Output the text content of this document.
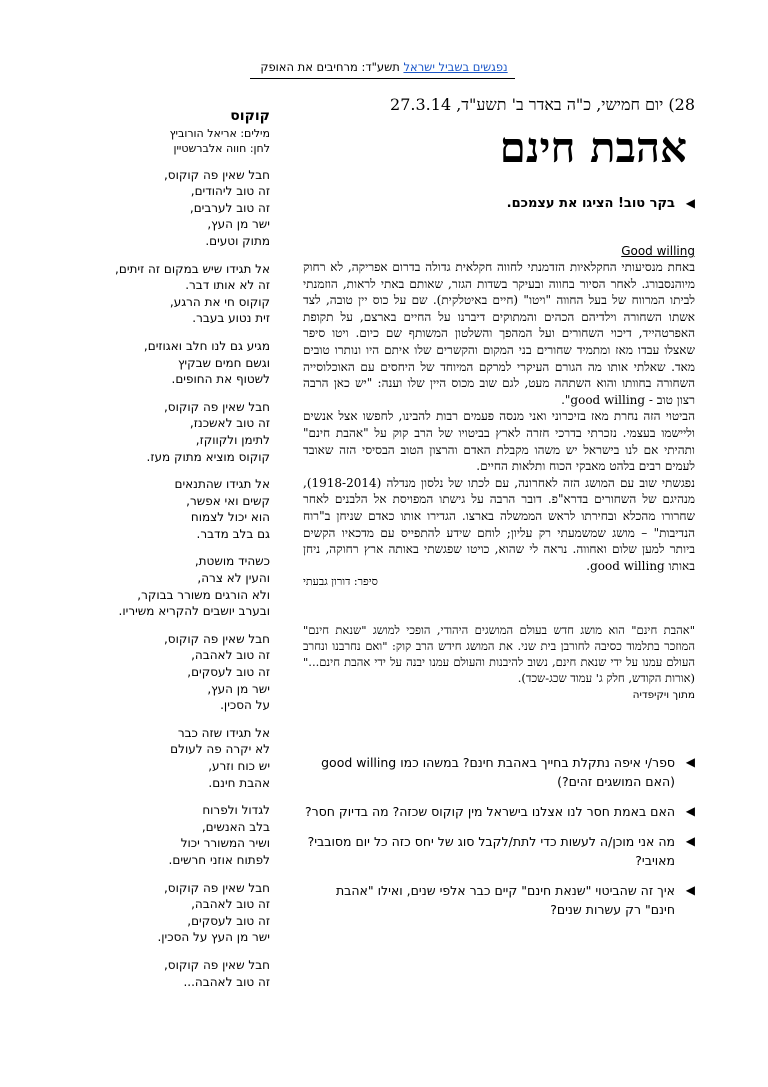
נפגשים בשביל ישראל תשע"ד: מרחיבים את האופק
28) יום חמישי, כ"ה באדר ב' תשע"ד, 27.3.14
אהבת חינם
◀
בקר טוב! הציגו את עצמכם.
Good willing

באחת מנסיעותי החקלאיות הזדמנתי לחווה חקלאית גדולה בדרום אפריקה, לא רחוק מיוהנסבורג. לאחר הסיור בחווה ובעיקר בשדות הגזר, שאותם באתי לראות, הוזמנתי לביתו המרווח של בעל החווה "ויטו" (חיים באיטלקית). שם על כוס יין טובה, לצד אשתו השחורה וילדיהם הכהים והמתוקים דיברנו על החיים בארצם, על תקופת האפרטהייד, דיכוי השחורים ועל המהפך והשלטון המשותף שם כיום. ויטו סיפר שאצלו עבדו מאז ומתמיד שחורים בני המקום והקשרים שלו איתם היו ונותרו טובים מאד. שאלתי אותו מה הגורם העיקרי למרקם המיוחד של היחסים עם האוכלוסייה השחורה בחוותו והוא השתהה מעט, לגם שוב מכוס היין שלו וענה: "יש כאן הרבה רצון טוב - good willing".

הביטוי הזה נחרת מאז בזיכרוני ואני מנסה פעמים רבות להבינו, לחפשו אצל אנשים וליישמו בעצמי. נזכרתי בדרכי חזרה לארץ בביטויו של הרב קוק על "אהבת חינם" ותהיתי אם לנו בישראל יש משהו מקבלת האדם והרצון הטוב הבסיסי הזה שאובד לעמים רבים בלהט מאבקי הכוח ותלאות החיים.

נפגשתי שוב עם המושג הזה לאחרונה, עם לכתו של נלסון מנדלה (1918-2014), מנהיגם של השחורים בדרא"פ. דובר הרבה על גישתו המפויסת אל הלבנים לאחר שחרורו מהכלא ובחירתו לראש הממשלה בארצו. הגדירו אותו כאדם שניחן ב"רוח הנדיבות" – מושג שמשמעתי רק עליון; לוחם שידע להתפייס עם מדכאיו הקשים ביותר למען שלום ואחווה. נראה לי שהוא, כויטו שפגשתי באותה ארץ רחוקה, ניחן באותו good willing.

סיפר: דורון גבעתי
"אהבת חינם" הוא מושג חדש בעולם המושגים היהודי, הופכי למושג "שנאת חינם" המוזכר בתלמוד כסיבה לחורבן בית שני. את המושג חידש הרב קוק: "ואם נחרבנו ונחרב העולם עמנו על ידי שנאת חינם, נשוב להיבנות והעולם עמנו יבנה על ידי אהבת חינם..." (אורות הקודש, חלק ג' עמוד שכג-שכד).
מתוך ויקיפדיה
◀
ספר/י איפה נתקלת בחייך באהבת חינם? במשהו כמו good willing (האם המושגים זהים?)
◀
האם באמת חסר לנו אצלנו בישראל מין קוקוס שכזה? מה בדיוק חסר?
◀
מה אני מוכן/ה לעשות כדי לתת/לקבל סוג של יחס כזה כל יום מסובבי? מאויבי?
◀
איך זה שהביטוי "שנאת חינם" קיים כבר אלפי שנים, ואילו "אהבת חינם" רק עשרות שנים?
קוקוס
מילים: אריאל הורוביץ
לחן: חווה אלברשטיין
חבל שאין פה קוקוס,
זה טוב ליהודים,
זה טוב לערבים,
ישר מן העץ,
מתוק וטעים.
אל תגידו שיש במקום זה זיתים,
זה לא אותו דבר.
קוקוס חי את הרגע,
זית נטוע בעבר.
מגיע גם לנו חלב ואגוזים,
וגשם חמים שבקיץ
לשטוף את החופים.
חבל שאין פה קוקוס,
זה טוב לאשכנז,
לתימן ולקווקז,
קוקוס מוציא מתוק מעז.
אל תגידו שהתנאים
קשים ואי אפשר,
הוא יכול לצמוח
גם בלב מדבר.
כשהיד מושטת,
והעין לא צרה,
ולא הורגים משורר בבוקר,
ובערב יושבים להקריא משיריו.
חבל שאין פה קוקוס,
זה טוב לאהבה,
זה טוב לעסקים,
ישר מן העץ,
על הסכין.
אל תגידו שזה כבר
לא יקרה פה לעולם
יש כוח וזרע,
אהבת חינם.
לגדול ולפרוח
בלב האנשים,
ושיר המשורר יכול
לפתוח אוזני חרשים.
חבל שאין פה קוקוס,
זה טוב לאהבה,
זה טוב לעסקים,
ישר מן העץ על הסכין.
חבל שאין פה קוקוס,
זה טוב לאהבה...
